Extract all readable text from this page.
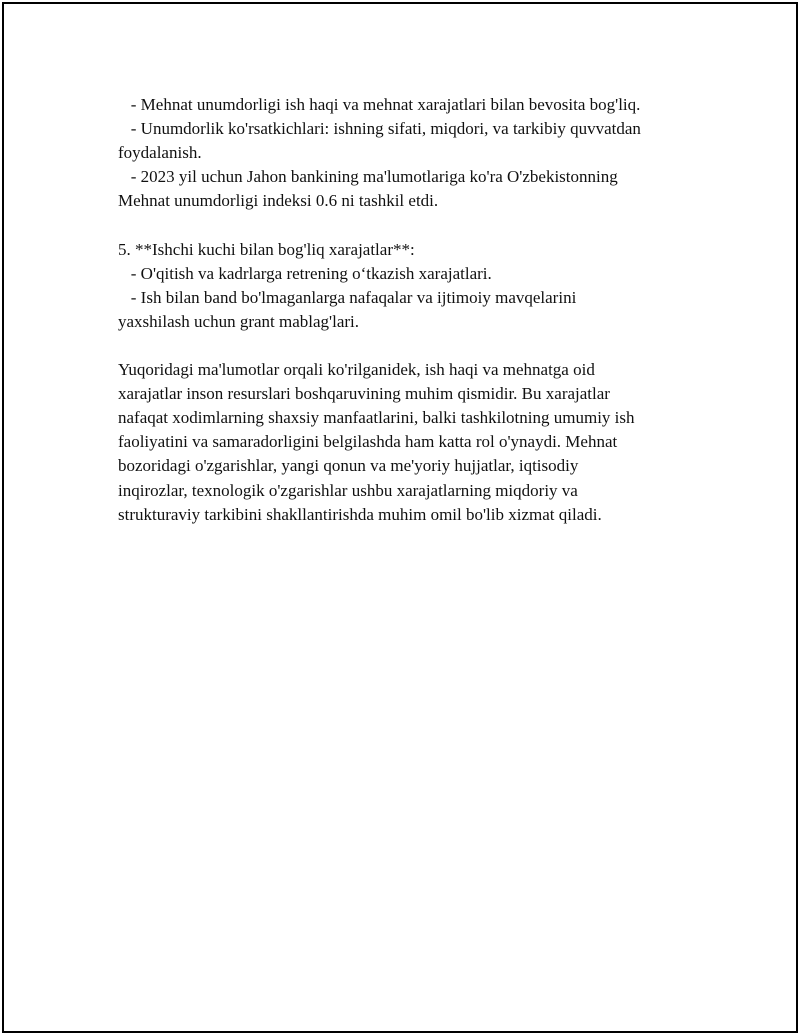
- Mehnat unumdorligi ish haqi va mehnat xarajatlari bilan bevosita bog'liq.
- Unumdorlik ko'rsatkichlari: ishning sifati, miqdori, va tarkibiy quvvatdan
foydalanish.
- 2023 yil uchun Jahon bankining ma'lumotlariga ko'ra O'zbekistonning
Mehnat unumdorligi indeksi 0.6 ni tashkil etdi.
5. **Ishchi kuchi bilan bog'liq xarajatlar**:
- O'qitish va kadrlarga retrening o‘tkazish xarajatlari.
- Ish bilan band bo'lmaganlarga nafaqalar va ijtimoiy mavqelarini
yaxshilash uchun grant mablag'lari.
Yuqoridagi ma'lumotlar orqali ko'rilganidek, ish haqi va mehnatga oid
xarajatlar inson resurslari boshqaruvining muhim qismidir. Bu xarajatlar
nafaqat xodimlarning shaxsiy manfaatlarini, balki tashkilotning umumiy ish
faoliyatini va samaradorligini belgilashda ham katta rol o'ynaydi. Mehnat
bozoridagi o'zgarishlar, yangi qonun va me'yoriy hujjatlar, iqtisodiy
inqirozlar, texnologik o'zgarishlar ushbu xarajatlarning miqdoriy va
strukturaviy tarkibini shakllantirishda muhim omil bo'lib xizmat qiladi.
